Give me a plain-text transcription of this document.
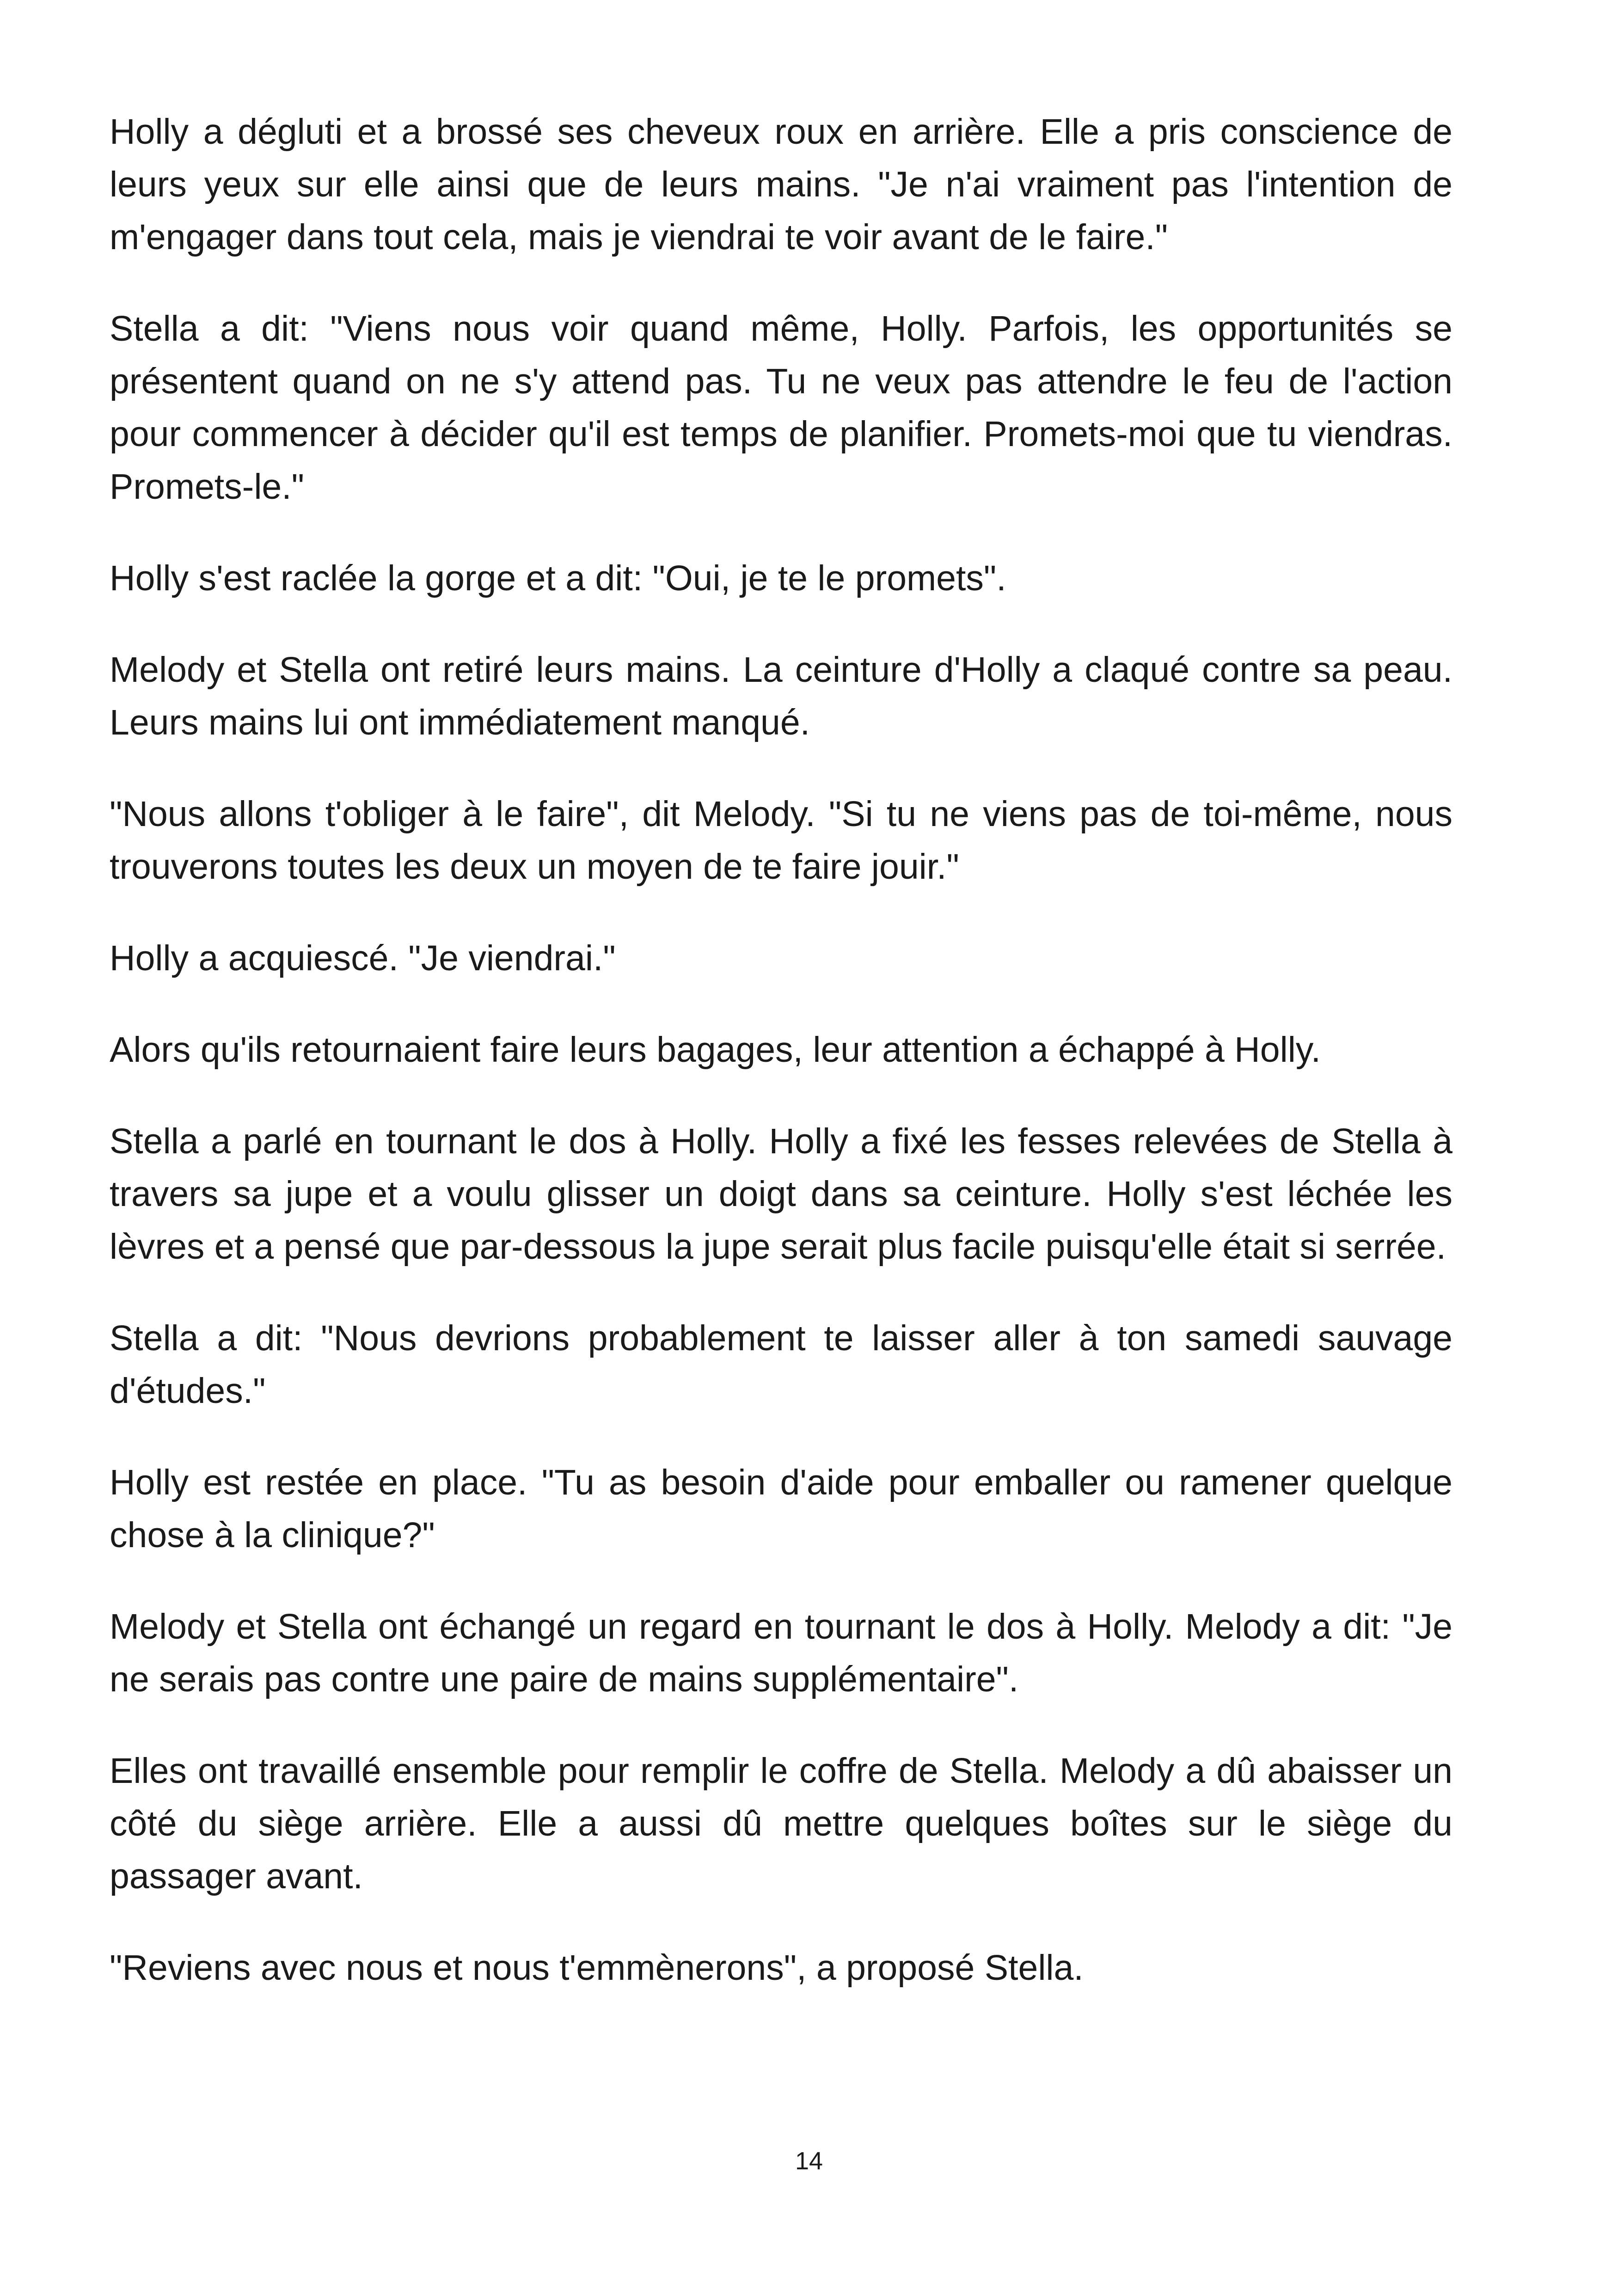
Holly a dégluti et a brossé ses cheveux roux en arrière. Elle a pris conscience de leurs yeux sur elle ainsi que de leurs mains. "Je n'ai vraiment pas l'intention de m'engager dans tout cela, mais je viendrai te voir avant de le faire."

Stella a dit: "Viens nous voir quand même, Holly. Parfois, les opportunités se présentent quand on ne s'y attend pas. Tu ne veux pas attendre le feu de l'action pour commencer à décider qu'il est temps de planifier. Promets-moi que tu viendras. Promets-le."

Holly s'est raclée la gorge et a dit: "Oui, je te le promets".

Melody et Stella ont retiré leurs mains. La ceinture d'Holly a claqué contre sa peau. Leurs mains lui ont immédiatement manqué.

"Nous allons t'obliger à le faire", dit Melody. "Si tu ne viens pas de toi-même, nous trouverons toutes les deux un moyen de te faire jouir."

Holly a acquiescé. "Je viendrai."

Alors qu'ils retournaient faire leurs bagages, leur attention a échappé à Holly.

Stella a parlé en tournant le dos à Holly. Holly a fixé les fesses relevées de Stella à travers sa jupe et a voulu glisser un doigt dans sa ceinture. Holly s'est léchée les lèvres et a pensé que par-dessous la jupe serait plus facile puisqu'elle était si serrée.

Stella a dit: "Nous devrions probablement te laisser aller à ton samedi sauvage d'études."

Holly est restée en place. "Tu as besoin d'aide pour emballer ou ramener quelque chose à la clinique?"

Melody et Stella ont échangé un regard en tournant le dos à Holly. Melody a dit: "Je ne serais pas contre une paire de mains supplémentaire".

Elles ont travaillé ensemble pour remplir le coffre de Stella. Melody a dû abaisser un côté du siège arrière. Elle a aussi dû mettre quelques boîtes sur le siège du passager avant.

"Reviens avec nous et nous t'emmènerons", a proposé Stella.

14
